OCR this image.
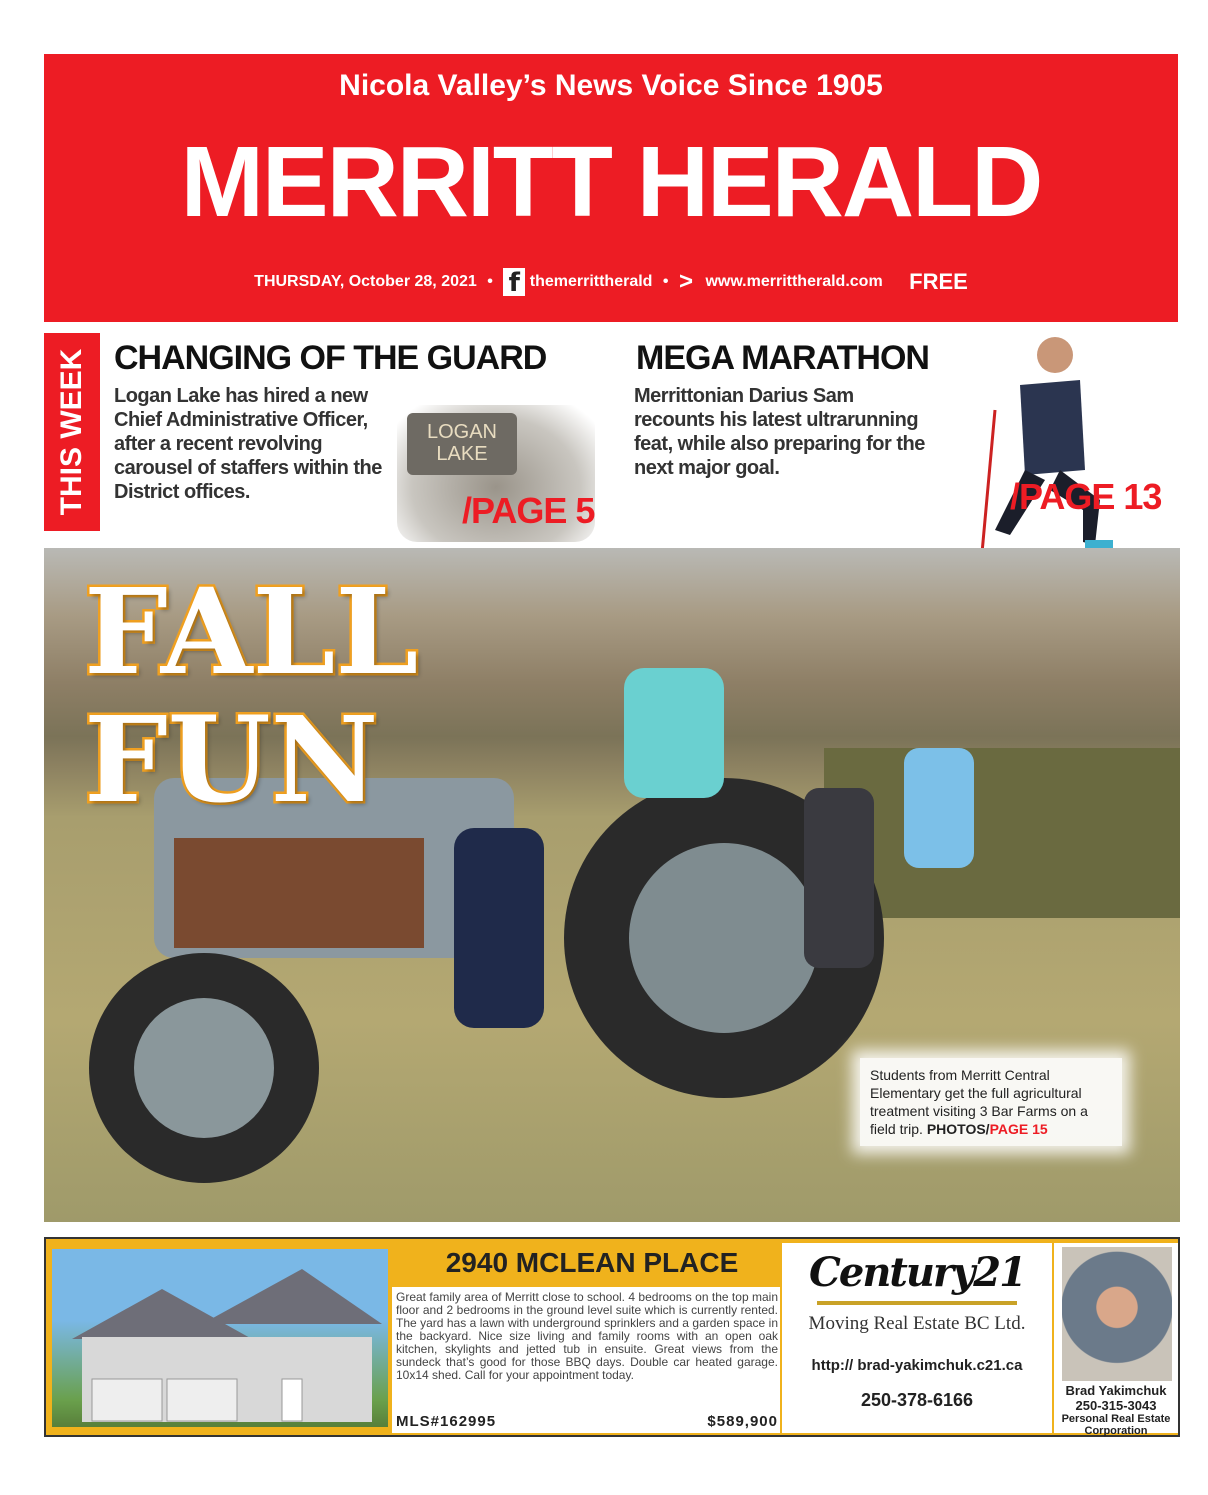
Nicola Valley’s News Voice Since 1905
MERRITT HERALD
THURSDAY, October 28, 2021 • f themerrittherald • > www.merrittherald.com FREE
THIS WEEK CHANGING OF THE GUARD
Logan Lake has hired a new Chief Administrative Officer, after a recent revolving carousel of staffers within the District offices.
LOGAN LAKE
/PAGE 5
MEGA MARATHON
Merrittonian Darius Sam recounts his latest ultrarunning feat, while also preparing for the next major goal.
/PAGE 13
FALL
FUN
Students from Merritt Central Elementary get the full agricultural treatment visiting 3 Bar Farms on a field trip. PHOTOS/PAGE 15
2940 MCLEAN PLACE
Great family area of Merritt close to school. 4 bedrooms on the top main floor and 2 bedrooms in the ground level suite which is currently rented. The yard has a lawn with underground sprinklers and a garden space in the backyard. Nice size living and family rooms with an open oak kitchen, skylights and jetted tub in ensuite. Great views from the sundeck that’s good for those BBQ days. Double car heated garage. 10x14 shed. Call for your appointment today.
MLS#162995	$589,900
Century21
Moving Real Estate BC Ltd.
http:// brad-yakimchuk.c21.ca
250-378-6166	Brad Yakimchuk
250-315-3043
Personal Real Estate Corporation
